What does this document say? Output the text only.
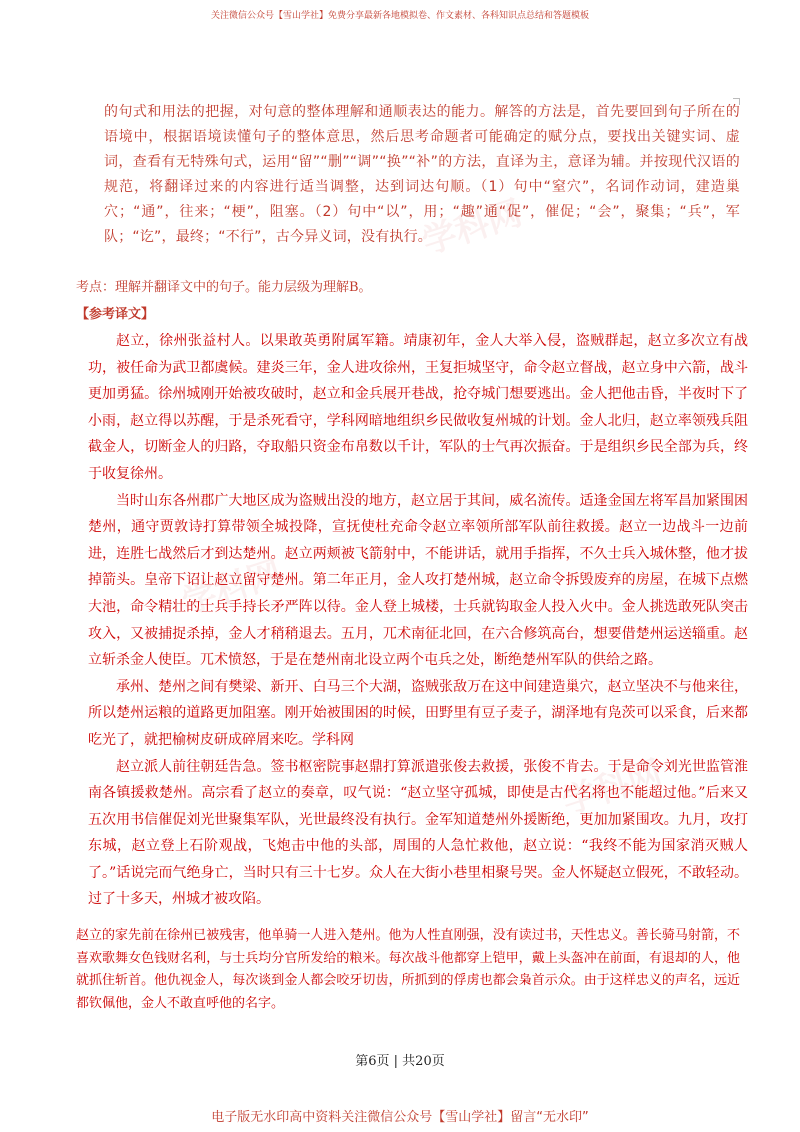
关注微信公众号【雪山学社】免费分享最新各地模拟卷、作文素材、各科知识点总结和答题模板
学科网
学科网
学科网
的句式和用法的把握，对句意的整体理解和通顺表达的能力。解答的方法是，首先要回到句子所在的语境中，根据语境读懂句子的整体意思，然后思考命题者可能确定的赋分点，要找出关键实词、虚词，查看有无特殊句式，运用“留”“删”“调”“换”“补”的方法，直译为主，意译为辅。并按现代汉语的规范，将翻译过来的内容进行适当调整，达到词达句顺。（1）句中“窒穴”，名词作动词，建造巢穴；“通”，往来；“梗”，阻塞。（2）句中“以”，用；“趣”通“促”，催促；“会”，聚集；“兵”，军队；“讫”，最终；“不行”，古今异义词，没有执行。
考点：理解并翻译文中的句子。能力层级为理解B。
【参考译文】

赵立，徐州张益村人。以果敢英勇附属军籍。靖康初年，金人大举入侵，盗贼群起，赵立多次立有战功，被任命为武卫都虞候。建炎三年，金人进攻徐州，王复拒城坚守，命令赵立督战，赵立身中六箭，战斗更加勇猛。徐州城刚开始被攻破时，赵立和金兵展开巷战，抢夺城门想要逃出。金人把他击昏，半夜时下了小雨，赵立得以苏醒，于是杀死看守，学科网暗地组织乡民做收复州城的计划。金人北归，赵立率领残兵阻截金人，切断金人的归路，夺取船只资金布帛数以千计，军队的士气再次振奋。于是组织乡民全部为兵，终于收复徐州。

当时山东各州郡广大地区成为盗贼出没的地方，赵立居于其间，威名流传。适逢金国左将军昌加紧围困楚州，通守贾敦诗打算带领全城投降，宣抚使杜充命令赵立率领所部军队前往救援。赵立一边战斗一边前进，连胜七战然后才到达楚州。赵立两颊被飞箭射中，不能讲话，就用手指挥，不久士兵入城休整，他才拔掉箭头。皇帝下诏让赵立留守楚州。第二年正月，金人攻打楚州城，赵立命令拆毁废弃的房屋，在城下点燃大池，命令精壮的士兵手持长矛严阵以待。金人登上城楼，士兵就钩取金人投入火中。金人挑选敢死队突击攻入，又被捕捉杀掉，金人才稍稍退去。五月，兀术南征北回，在六合修筑高台，想要借楚州运送辎重。赵立斩杀金人使臣。兀术愤怒，于是在楚州南北设立两个屯兵之处，断绝楚州军队的供给之路。

承州、楚州之间有樊梁、新开、白马三个大湖，盗贼张敌万在这中间建造巢穴，赵立坚决不与他来往，所以楚州运粮的道路更加阻塞。刚开始被围困的时候，田野里有豆子麦子，湖泽地有凫茨可以采食，后来都吃光了，就把榆树皮研成碎屑来吃。学科网

赵立派人前往朝廷告急。签书枢密院事赵鼎打算派遣张俊去救援，张俊不肯去。于是命令刘光世监管淮南各镇援救楚州。高宗看了赵立的奏章，叹气说：“赵立坚守孤城，即使是古代名将也不能超过他。”后来又五次用书信催促刘光世聚集军队，光世最终没有执行。金军知道楚州外援断绝，更加加紧围攻。九月，攻打东城，赵立登上石阶观战，飞炮击中他的头部，周围的人急忙救他，赵立说：“我终不能为国家消灭贼人了。”话说完而气绝身亡，当时只有三十七岁。众人在大街小巷里相聚号哭。金人怀疑赵立假死，不敢轻动。过了十多天，州城才被攻陷。

赵立的家先前在徐州已被残害，他单骑一人进入楚州。他为人性直刚强，没有读过书，天性忠义。善长骑马射箭，不喜欢歌舞女色钱财名利，与士兵均分官所发给的粮米。每次战斗他都穿上铠甲，戴上头盔冲在前面，有退却的人，他就抓住斩首。他仇视金人，每次谈到金人都会咬牙切齿，所抓到的俘虏也都会枭首示众。由于这样忠义的声名，远近都钦佩他，金人不敢直呼他的名字。
第6页 | 共20页
电子版无水印高中资料关注微信公众号【雪山学社】留言“无水印”
